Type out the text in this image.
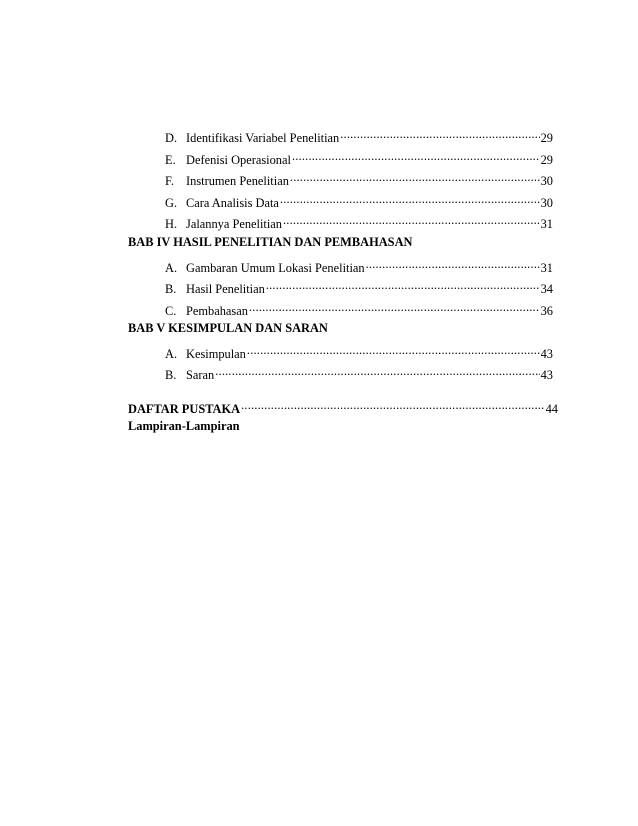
D. Identifikasi Variabel Penelitian .....	29
E. Defenisi Operasional .....	29
F. Instrumen Penelitian .....	30
G. Cara Analisis Data .....	30
H. Jalannya Penelitian .....	31
BAB IV HASIL PENELITIAN DAN PEMBAHASAN
A. Gambaran Umum Lokasi Penelitian .....	31
B. Hasil Penelitian .....	34
C. Pembahasan .....	36
BAB V KESIMPULAN DAN SARAN
A. Kesimpulan .....	43
B. Saran .....	43
DAFTAR PUSTAKA .....	44
Lampiran-Lampiran
